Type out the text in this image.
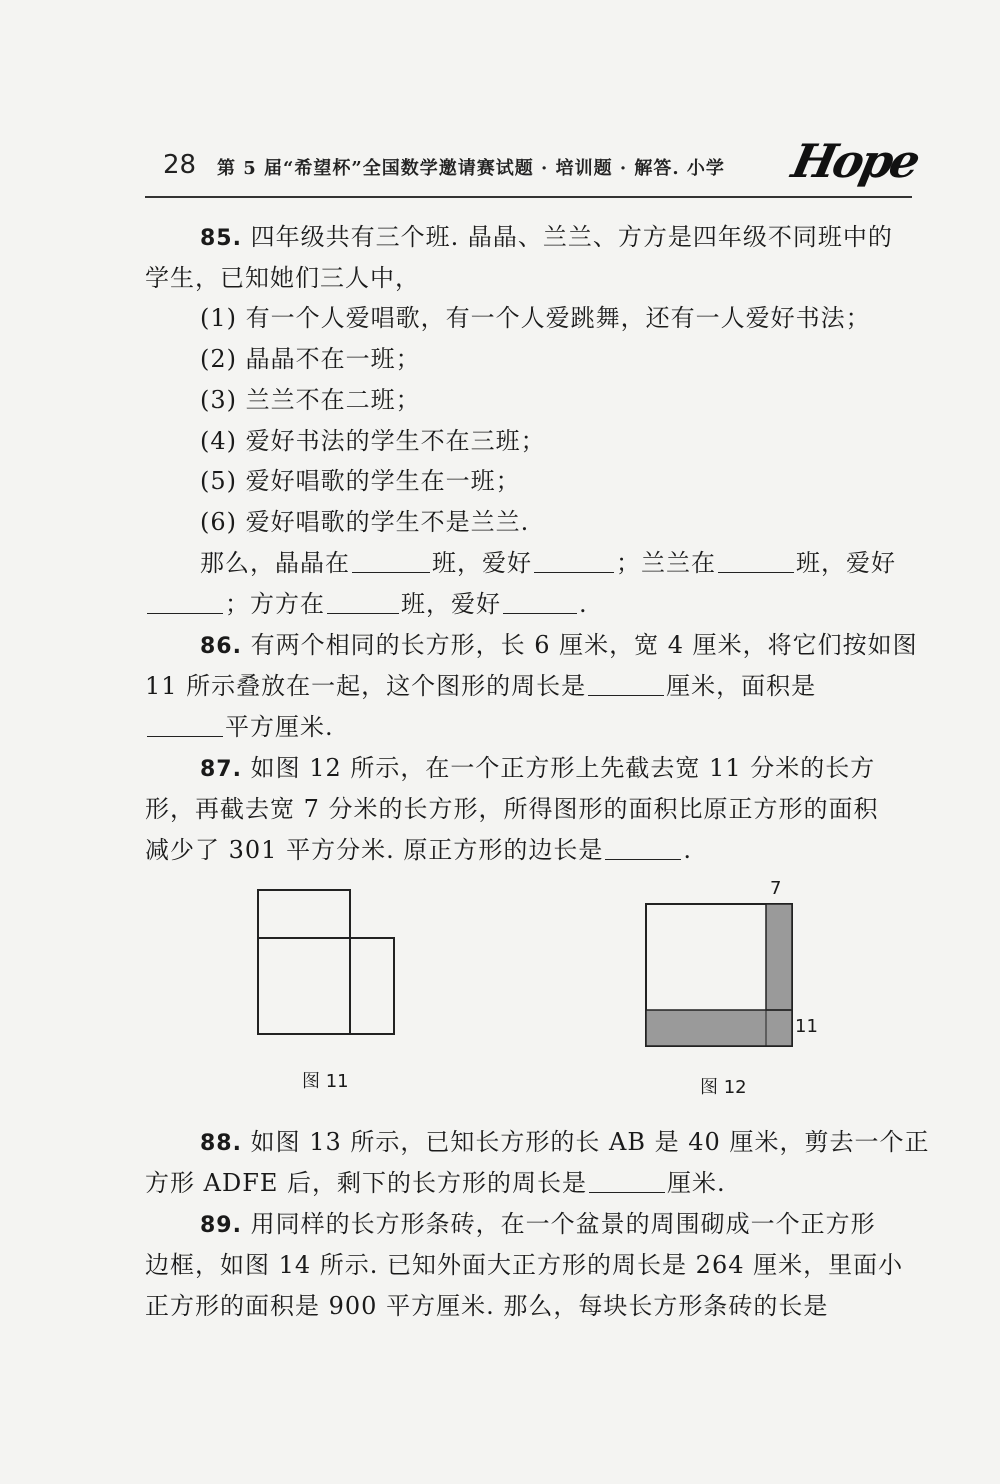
28 第 5 届“希望杯”全国数学邀请赛试题 · 培训题 · 解答. 小学 Hope
85. 四年级共有三个班. 晶晶、兰兰、方方是四年级不同班中的
学生，已知她们三人中，
(1) 有一个人爱唱歌，有一个人爱跳舞，还有一人爱好书法；
(2) 晶晶不在一班；
(3) 兰兰不在二班；
(4) 爱好书法的学生不在三班；
(5) 爱好唱歌的学生在一班；
(6) 爱好唱歌的学生不是兰兰.
那么，晶晶在	班，爱好	；兰兰在	班，爱好
；方方在	班，爱好	.
86. 有两个相同的长方形，长 6 厘米，宽 4 厘米，将它们按如图
11 所示叠放在一起，这个图形的周长是	厘米，面积是
平方厘米.
87. 如图 12 所示，在一个正方形上先截去宽 11 分米的长方
形，再截去宽 7 分米的长方形，所得图形的面积比原正方形的面积
减少了 301 平方分米. 原正方形的边长是	.
图 11
7
11
图 12
88. 如图 13 所示，已知长方形的长 AB 是 40 厘米，剪去一个正
方形 ADFE 后，剩下的长方形的周长是	厘米.
89. 用同样的长方形条砖，在一个盆景的周围砌成一个正方形
边框，如图 14 所示. 已知外面大正方形的周长是 264 厘米，里面小
正方形的面积是 900 平方厘米. 那么，每块长方形条砖的长是
